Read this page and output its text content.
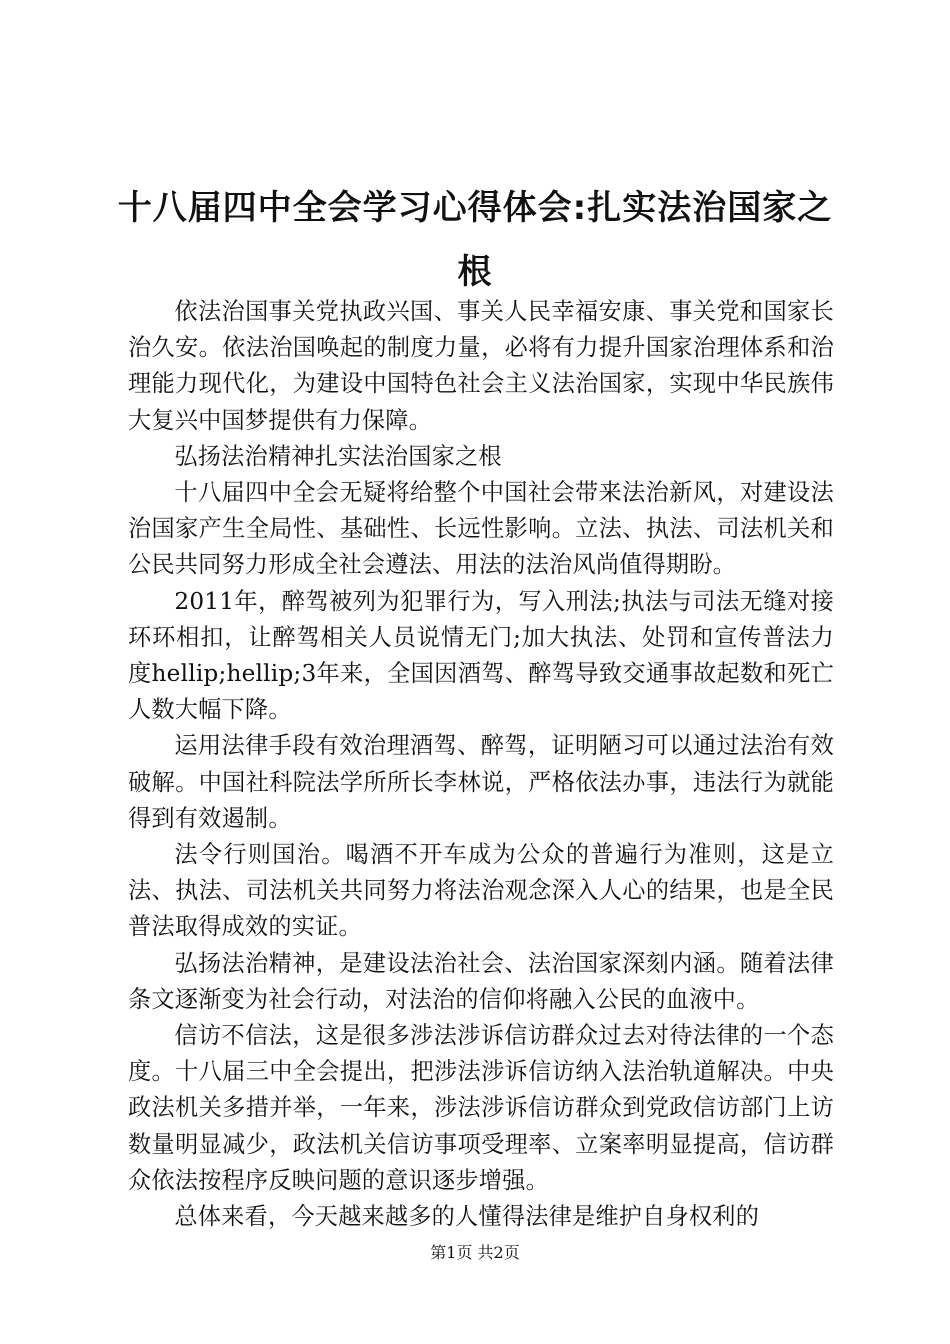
十八届四中全会学习心得体会:扎实法治国家之根

依法治国事关党执政兴国、事关人民幸福安康、事关党和国家长治久安。依法治国唤起的制度力量，必将有力提升国家治理体系和治理能力现代化，为建设中国特色社会主义法治国家，实现中华民族伟大复兴中国梦提供有力保障。

弘扬法治精神扎实法治国家之根

十八届四中全会无疑将给整个中国社会带来法治新风，对建设法治国家产生全局性、基础性、长远性影响。立法、执法、司法机关和公民共同努力形成全社会遵法、用法的法治风尚值得期盼。

2011年，醉驾被列为犯罪行为，写入刑法;执法与司法无缝对接环环相扣，让醉驾相关人员说情无门;加大执法、处罚和宣传普法力度hellip;hellip;3年来，全国因酒驾、醉驾导致交通事故起数和死亡人数大幅下降。

运用法律手段有效治理酒驾、醉驾，证明陋习可以通过法治有效破解。中国社科院法学所所长李林说，严格依法办事，违法行为就能得到有效遏制。

法令行则国治。喝酒不开车成为公众的普遍行为准则，这是立法、执法、司法机关共同努力将法治观念深入人心的结果，也是全民普法取得成效的实证。

弘扬法治精神，是建设法治社会、法治国家深刻内涵。随着法律条文逐渐变为社会行动，对法治的信仰将融入公民的血液中。

信访不信法，这是很多涉法涉诉信访群众过去对待法律的一个态度。十八届三中全会提出，把涉法涉诉信访纳入法治轨道解决。中央政法机关多措并举，一年来，涉法涉诉信访群众到党政信访部门上访数量明显减少，政法机关信访事项受理率、立案率明显提高，信访群众依法按程序反映问题的意识逐步增强。

总体来看，今天越来越多的人懂得法律是维护自身权利的

第1页 共2页
